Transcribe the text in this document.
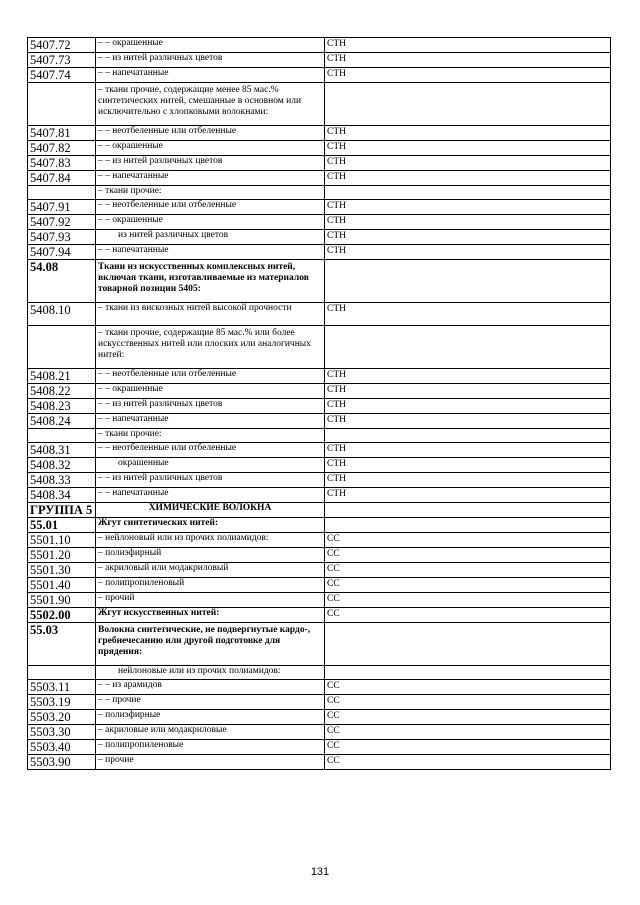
5407.72	– – окрашенные	СТН
5407.73	– – из нитей различных цветов	СТН
5407.74	– – напечатанные	СТН
	– ткани прочие, содержащие менее 85 мас.% синтетических нитей, смешанные в основном или исключительно с хлопковыми волокнами:	
5407.81	– – неотбеленные или отбеленные	СТН
5407.82	– – окрашенные	СТН
5407.83	– – из нитей различных цветов	СТН
5407.84	– – напечатанные	СТН
	– ткани прочие:	
5407.91	– – неотбеленные или отбеленные	СТН
5407.92	– – окрашенные	СТН
5407.93	из нитей различных цветов	СТН
5407.94	– – напечатанные	СТН
54.08	Ткани из искусственных комплексных нитей, включая ткани, изготавливаемые из материалов товарной позиции 5405:	
5408.10	– ткани из вискозных нитей высокой прочности	СТН
	– ткани прочие, содержащие 85 мас.% или более искусственных нитей или плоских или аналогичных нитей:	
5408.21	– – неотбеленные или отбеленные	СТН
5408.22	– – окрашенные	СТН
5408.23	– – из нитей различных цветов	СТН
5408.24	– – напечатанные	СТН
	– ткани прочие:	
5408.31	– – неотбеленные или отбеленные	СТН
5408.32	окрашенные	СТН
5408.33	– – из нитей различных цветов	СТН
5408.34	– – напечатанные	СТН
ГРУППА 5	ХИМИЧЕСКИЕ ВОЛОКНА	
55.01	Жгут синтетических нитей:	
5501.10	– нейлоновый или из прочих полиамидов:	СС
5501.20	– полиэфирный	СС
5501.30	– акриловый или модакриловый	СС
5501.40	– полипропиленовый	СС
5501.90	– прочий	СС
5502.00	Жгут искусственных нитей:	СС
55.03	Волокна синтетические, не подвергнутые кардо-, гребнечесанию или другой подготовке для прядения:	
	нейлоновые или из прочих полиамидов:	
5503.11	– – из арамидов	СС
5503.19	– – прочие	СС
5503.20	– полиэфирные	СС
5503.30	– акриловые или модакриловые	СС
5503.40	– полипропиленовые	СС
5503.90	– прочие	СС
131
